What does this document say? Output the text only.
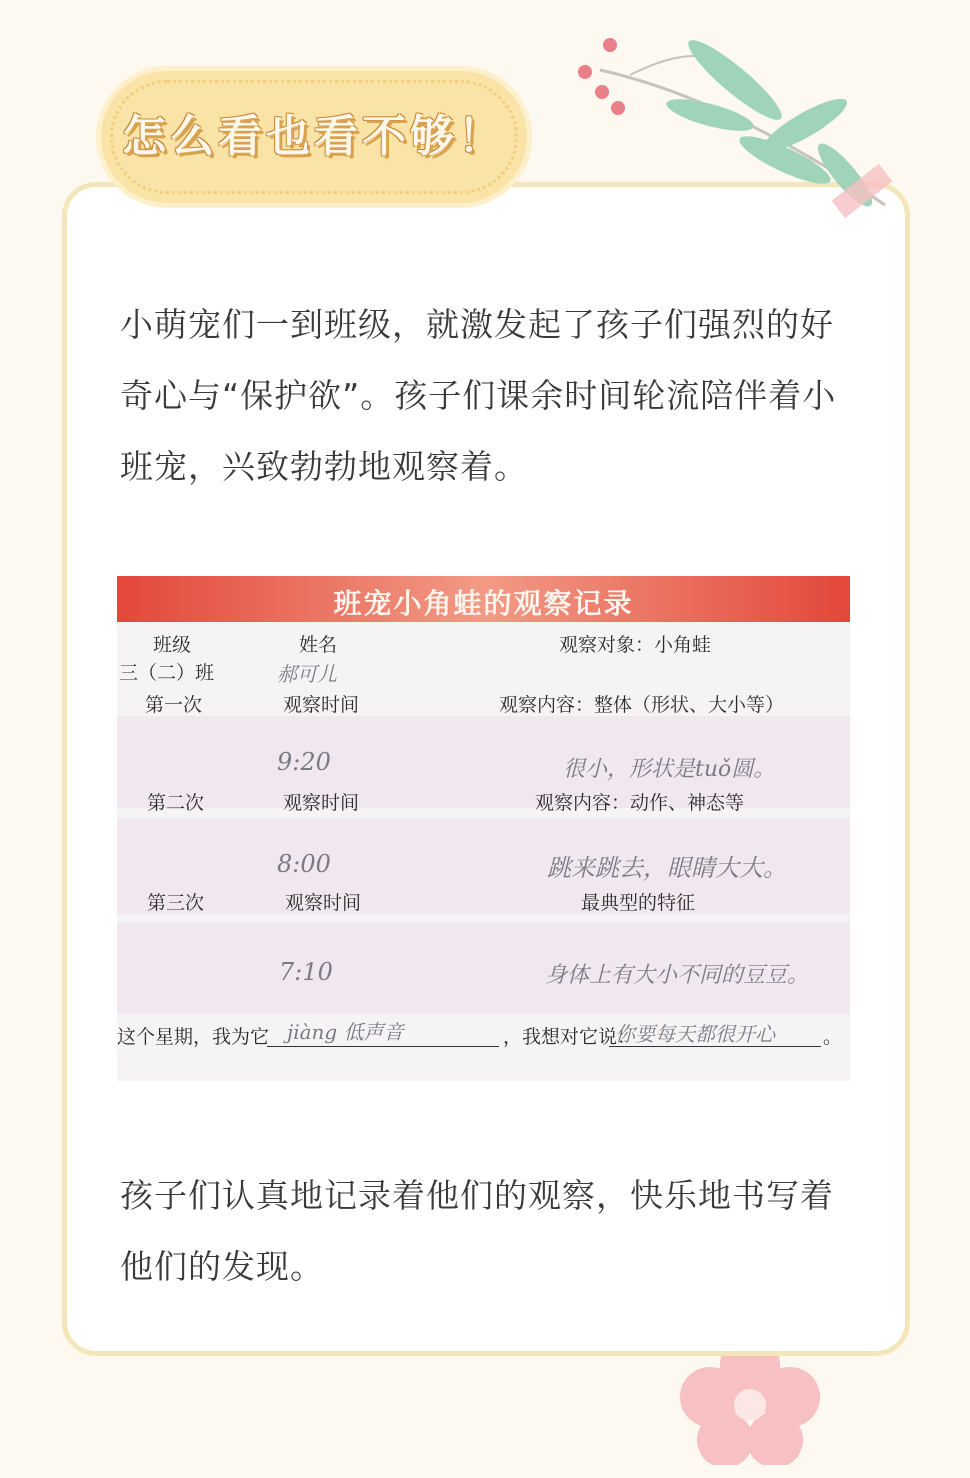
怎么看也看不够！

小萌宠们一到班级，就激发起了孩子们强烈的好奇心与“保护欲”。孩子们课余时间轮流陪伴着小班宠，兴致勃勃地观察着。

班宠小角蛙的观察记录
班级	姓名	观察对象：小角蛙
三（二）班	郝可儿
第一次	观察时间	观察内容：整体（形状、大小等）
9:20	很小，形状是tuǒ圆。
第二次	观察时间	观察内容：动作、神态等
8:00	跳来跳去，眼睛大大。
第三次	观察时间	最典型的特征
7:10	身体上有大小不同的豆豆。
这个星期，我为它 jiàng 低声音	，我想对它说：
你要每天都很开心	。

孩子们认真地记录着他们的观察，快乐地书写着他们的发现。
